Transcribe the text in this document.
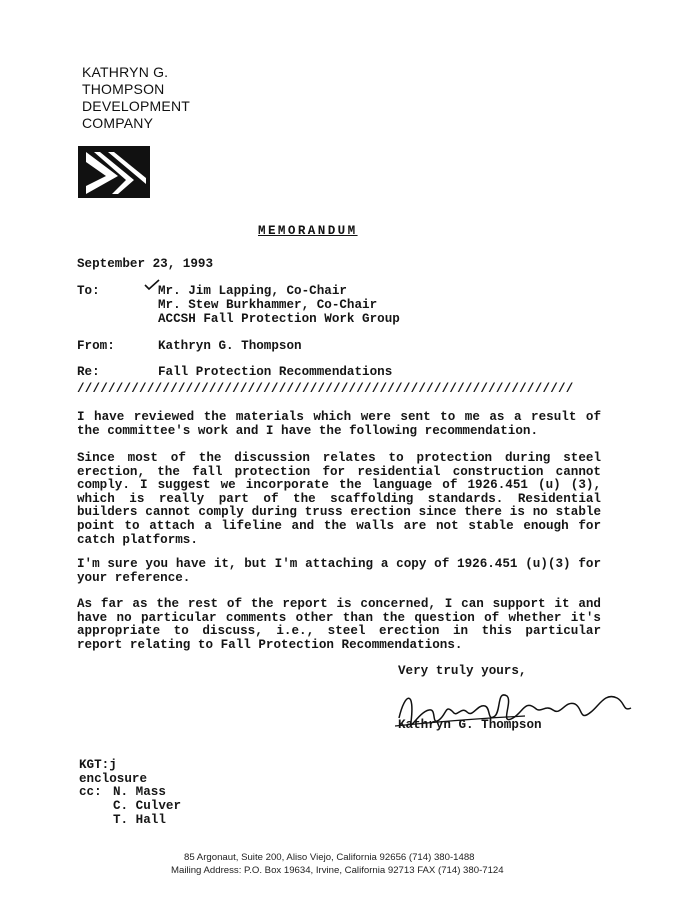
KATHRYN G.
THOMPSON
DEVELOPMENT
COMPANY
MEMORANDUM
September 23, 1993
To:	Mr. Jim Lapping, Co-Chair
Mr. Stew Burkhammer, Co-Chair
ACCSH Fall Protection Work Group
From:	Kathryn G. Thompson
Re:	Fall Protection Recommendations
////////////////////////////////////////////////////////////////
I have reviewed the materials which were sent to me as a result of the committee's work and I have the following recommendation.
Since most of the discussion relates to protection during steel erection, the fall protection for residential construction cannot comply. I suggest we incorporate the language of 1926.451 (u) (3), which is really part of the scaffolding standards. Residential builders cannot comply during truss erection since there is no stable point to attach a lifeline and the walls are not stable enough for catch platforms.
I'm sure you have it, but I'm attaching a copy of 1926.451 (u)(3) for your reference.
As far as the rest of the report is concerned, I can support it and have no particular comments other than the question of whether it's appropriate to discuss, i.e., steel erection in this particular report relating to Fall Protection Recommendations.
Very truly yours,
Kathryn G. Thompson
KGT:j
enclosure
cc: N. Mass
C. Culver
T. Hall
85 Argonaut, Suite 200, Aliso Viejo, California 92656 (714) 380-1488
Mailing Address: P.O. Box 19634, Irvine, California 92713 FAX (714) 380-7124
